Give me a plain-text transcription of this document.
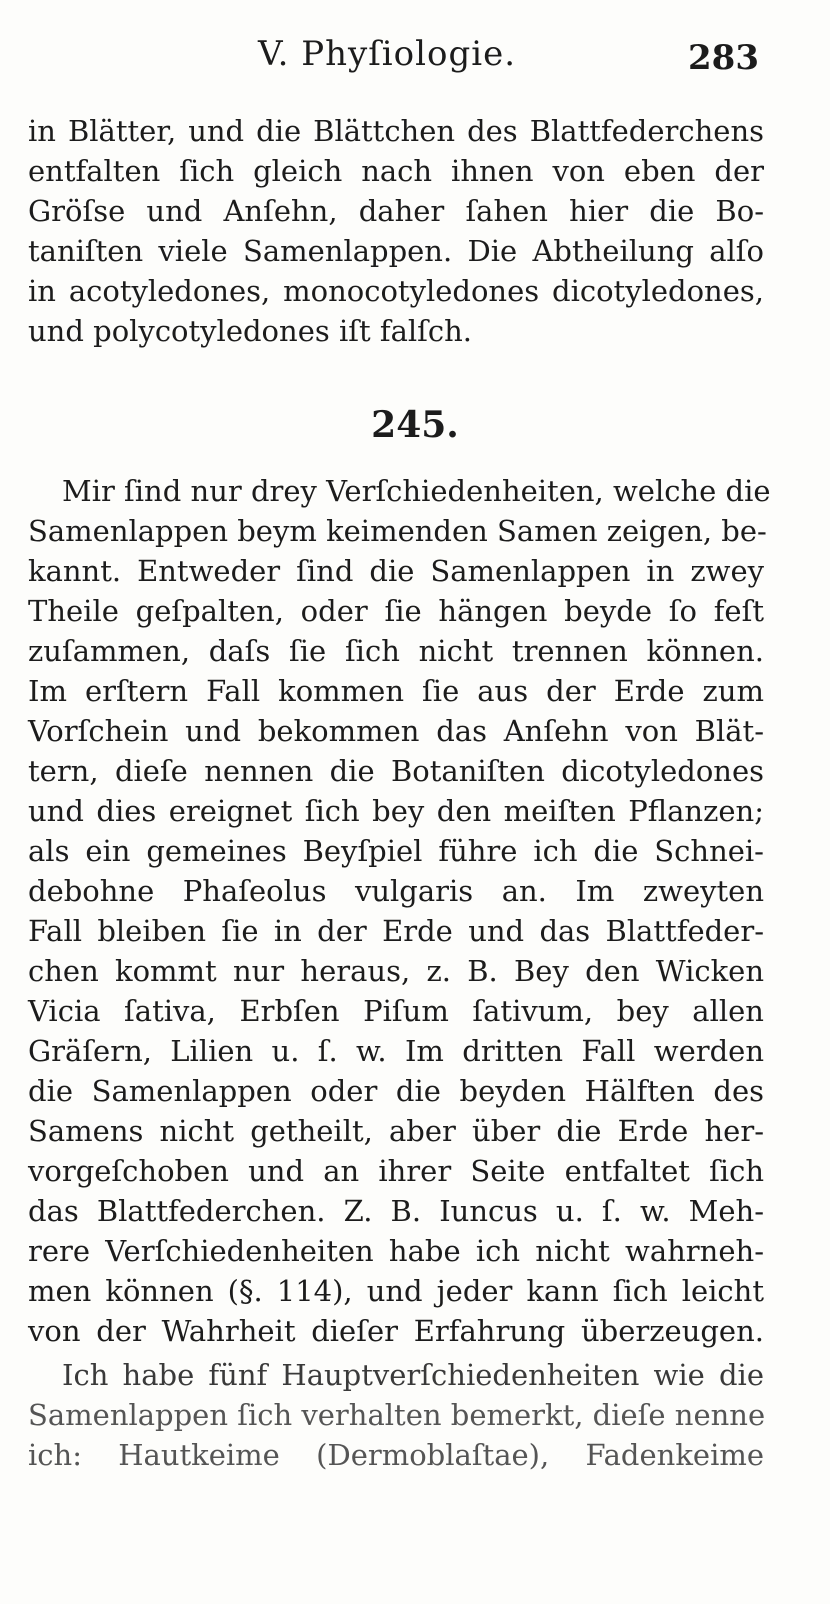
V. Phyſiologie.	283
in Blätter, und die Blättchen des Blattfederchens
entfalten ſich gleich nach ihnen von eben der
Gröſse und Anſehn, daher ſahen hier die Bo-
taniſten viele Samenlappen. Die Abtheilung alſo
in acotyledones, monocotyledones dicotyledones,
und polycotyledones iſt falſch.
245.
Mir ſind nur drey Verſchiedenheiten, welche die
Samenlappen beym keimenden Samen zeigen, be-
kannt. Entweder ſind die Samenlappen in zwey
Theile geſpalten, oder ſie hängen beyde ſo feſt
zuſammen, daſs ſie ſich nicht trennen können.
Im erſtern Fall kommen ſie aus der Erde zum
Vorſchein und bekommen das Anſehn von Blät-
tern, dieſe nennen die Botaniſten dicotyledones
und dies ereignet ſich bey den meiſten Pflanzen;
als ein gemeines Beyſpiel führe ich die Schnei-
debohne Phaſeolus vulgaris an. Im zweyten
Fall bleiben ſie in der Erde und das Blattfeder-
chen kommt nur heraus, z. B. Bey den Wicken
Vicia ſativa, Erbſen Piſum ſativum, bey allen
Gräſern, Lilien u. ſ. w. Im dritten Fall werden
die Samenlappen oder die beyden Hälften des
Samens nicht getheilt, aber über die Erde her-
vorgeſchoben und an ihrer Seite entfaltet ſich
das Blattfederchen. Z. B. Iuncus u. ſ. w. Meh-
rere Verſchiedenheiten habe ich nicht wahrneh-
men können (§. 114), und jeder kann ſich leicht
von der Wahrheit dieſer Erfahrung überzeugen.
Ich habe fünf Hauptverſchiedenheiten wie die
Samenlappen ſich verhalten bemerkt, dieſe nenne
ich: Hautkeime (Dermoblaſtae), Fadenkeime
